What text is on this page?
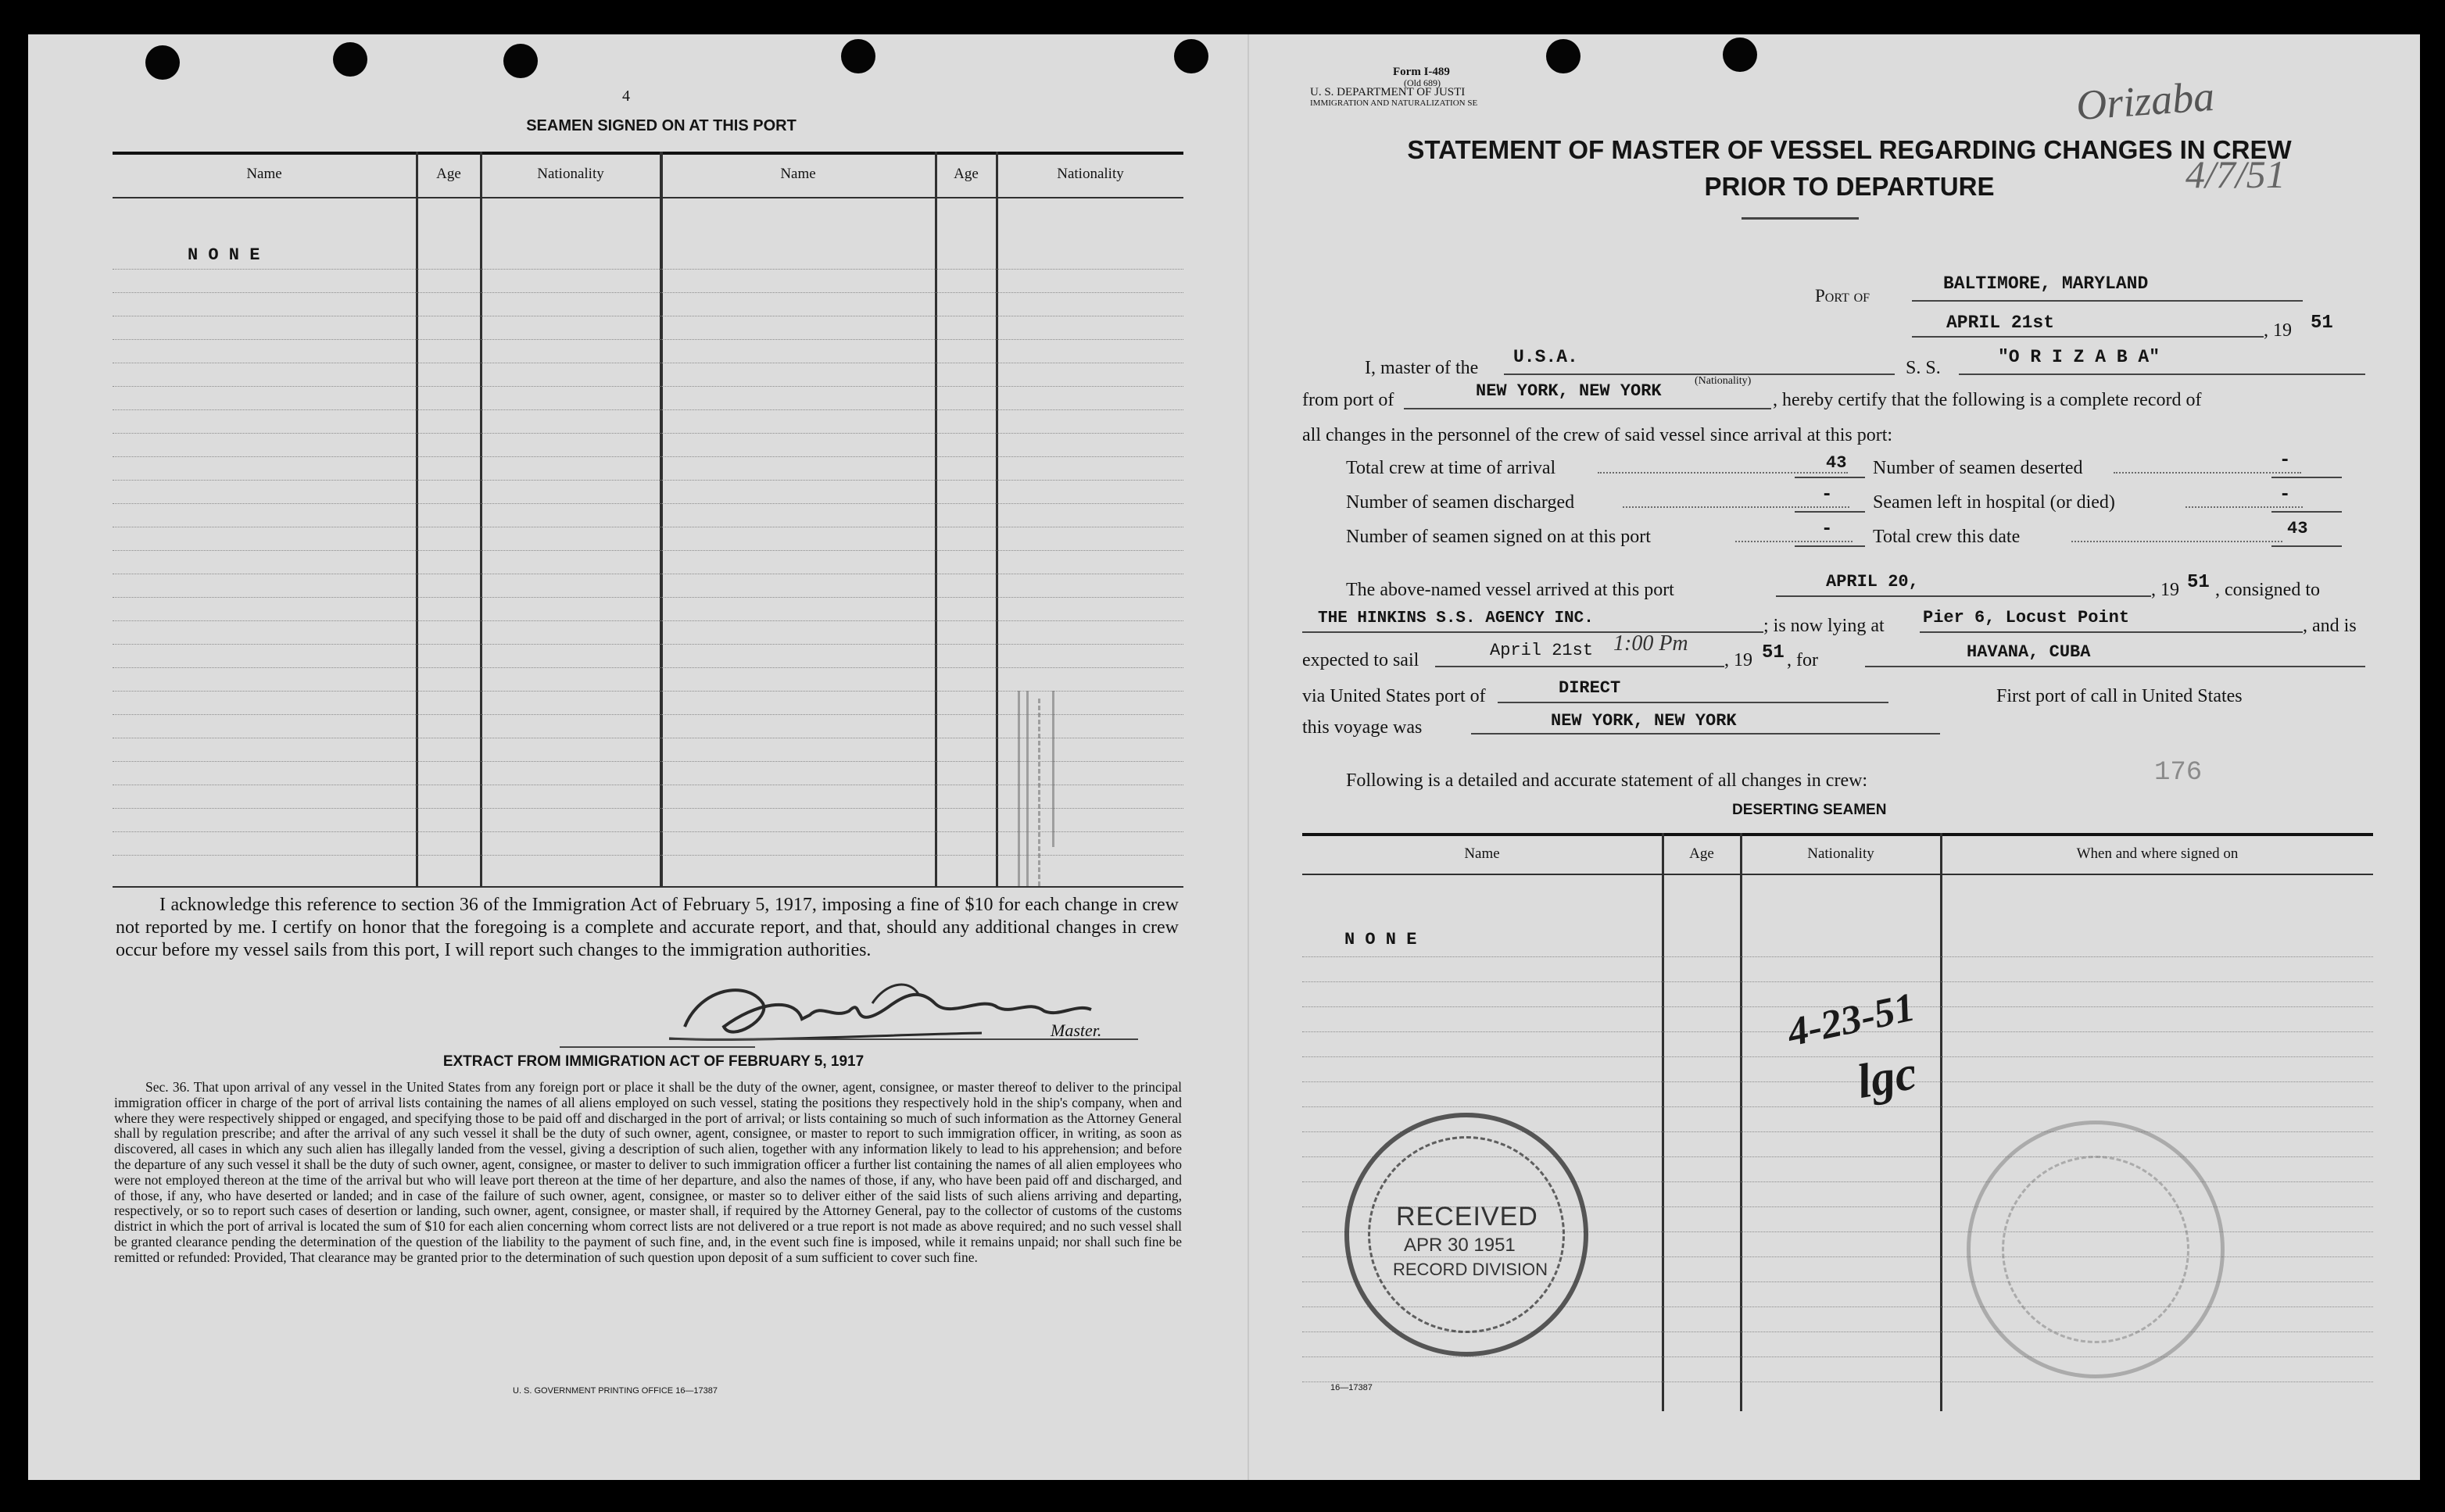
4
SEAMEN SIGNED ON AT THIS PORT
Name	Age	Nationality	Name	Age	Nationality
N O N E
I acknowledge this reference to section 36 of the Immigration Act of February 5, 1917, imposing a fine of $10 for each change in crew not reported by me. I certify on honor that the foregoing is a complete and accurate report, and that, should any additional changes in crew occur before my vessel sails from this port, I will report such changes to the immigration authorities.
Master.
EXTRACT FROM IMMIGRATION ACT OF FEBRUARY 5, 1917
Sec. 36. That upon arrival of any vessel in the United States from any foreign port or place it shall be the duty of the owner, agent, consignee, or master thereof to deliver to the principal immigration officer in charge of the port of arrival lists containing the names of all aliens employed on such vessel, stating the positions they respectively hold in the ship's company, when and where they were respectively shipped or engaged, and specifying those to be paid off and discharged in the port of arrival; or lists containing so much of such information as the Attorney General shall by regulation prescribe; and after the arrival of any such vessel it shall be the duty of such owner, agent, consignee, or master to report to such immigration officer, in writing, as soon as discovered, all cases in which any such alien has illegally landed from the vessel, giving a description of such alien, together with any information likely to lead to his apprehension; and before the departure of any such vessel it shall be the duty of such owner, agent, consignee, or master to deliver to such immigration officer a further list containing the names of all alien employees who were not employed thereon at the time of the arrival but who will leave port thereon at the time of her departure, and also the names of those, if any, who have been paid off and discharged, and of those, if any, who have deserted or landed; and in case of the failure of such owner, agent, consignee, or master so to deliver either of the said lists of such aliens arriving and departing, respectively, or so to report such cases of desertion or landing, such owner, agent, consignee, or master shall, if required by the Attorney General, pay to the collector of customs of the customs district in which the port of arrival is located the sum of $10 for each alien concerning whom correct lists are not delivered or a true report is not made as above required; and no such vessel shall be granted clearance pending the determination of the question of the liability to the payment of such fine, and, in the event such fine is imposed, while it remains unpaid; nor shall such fine be remitted or refunded: Provided, That clearance may be granted prior to the determination of such question upon deposit of a sum sufficient to cover such fine.
U. S. GOVERNMENT PRINTING OFFICE 16—17387
Form I-489
(Old 689)
U. S. DEPARTMENT OF JUSTI
IMMIGRATION AND NATURALIZATION SE	Orizaba
4/7/51
STATEMENT OF MASTER OF VESSEL REGARDING CHANGES IN CREW
PRIOR TO DEPARTURE
Port of
BALTIMORE, MARYLAND
APRIL 21st	, 19 51
I, master of the
U.S.A.
S. S.
"O R I Z A B A"
from port of	NEW YORK, NEW YORK
(Nationality)
, hereby certify that the following is a complete record of
all changes in the personnel of the crew of said vessel since arrival at this port:
Total crew at time of arrival	43 Number of seamen deserted	-
Number of seamen discharged	- Seamen left in hospital (or died)	-
Number of seamen signed on at this port	- Total crew this date	43
The above-named vessel arrived at this port	APRIL 20,	, 19 51 , consigned to
THE HINKINS S.S. AGENCY INC.	; is now lying at Pier 6, Locust Point	, and is
expected to sail	April 21st 1:00 Pm
, 19 51 , for	HAVANA, CUBA
via United States port of	DIRECT	First port of call in United States
this voyage was	NEW YORK, NEW YORK
Following is a detailed and accurate statement of all changes in crew:	176
DESERTING SEAMEN
Name	Age	Nationality	When and where signed on
N O N E
4-23-51
lgc
RECEIVED
APR 30 1951
RECORD DIVISION
16—17387
